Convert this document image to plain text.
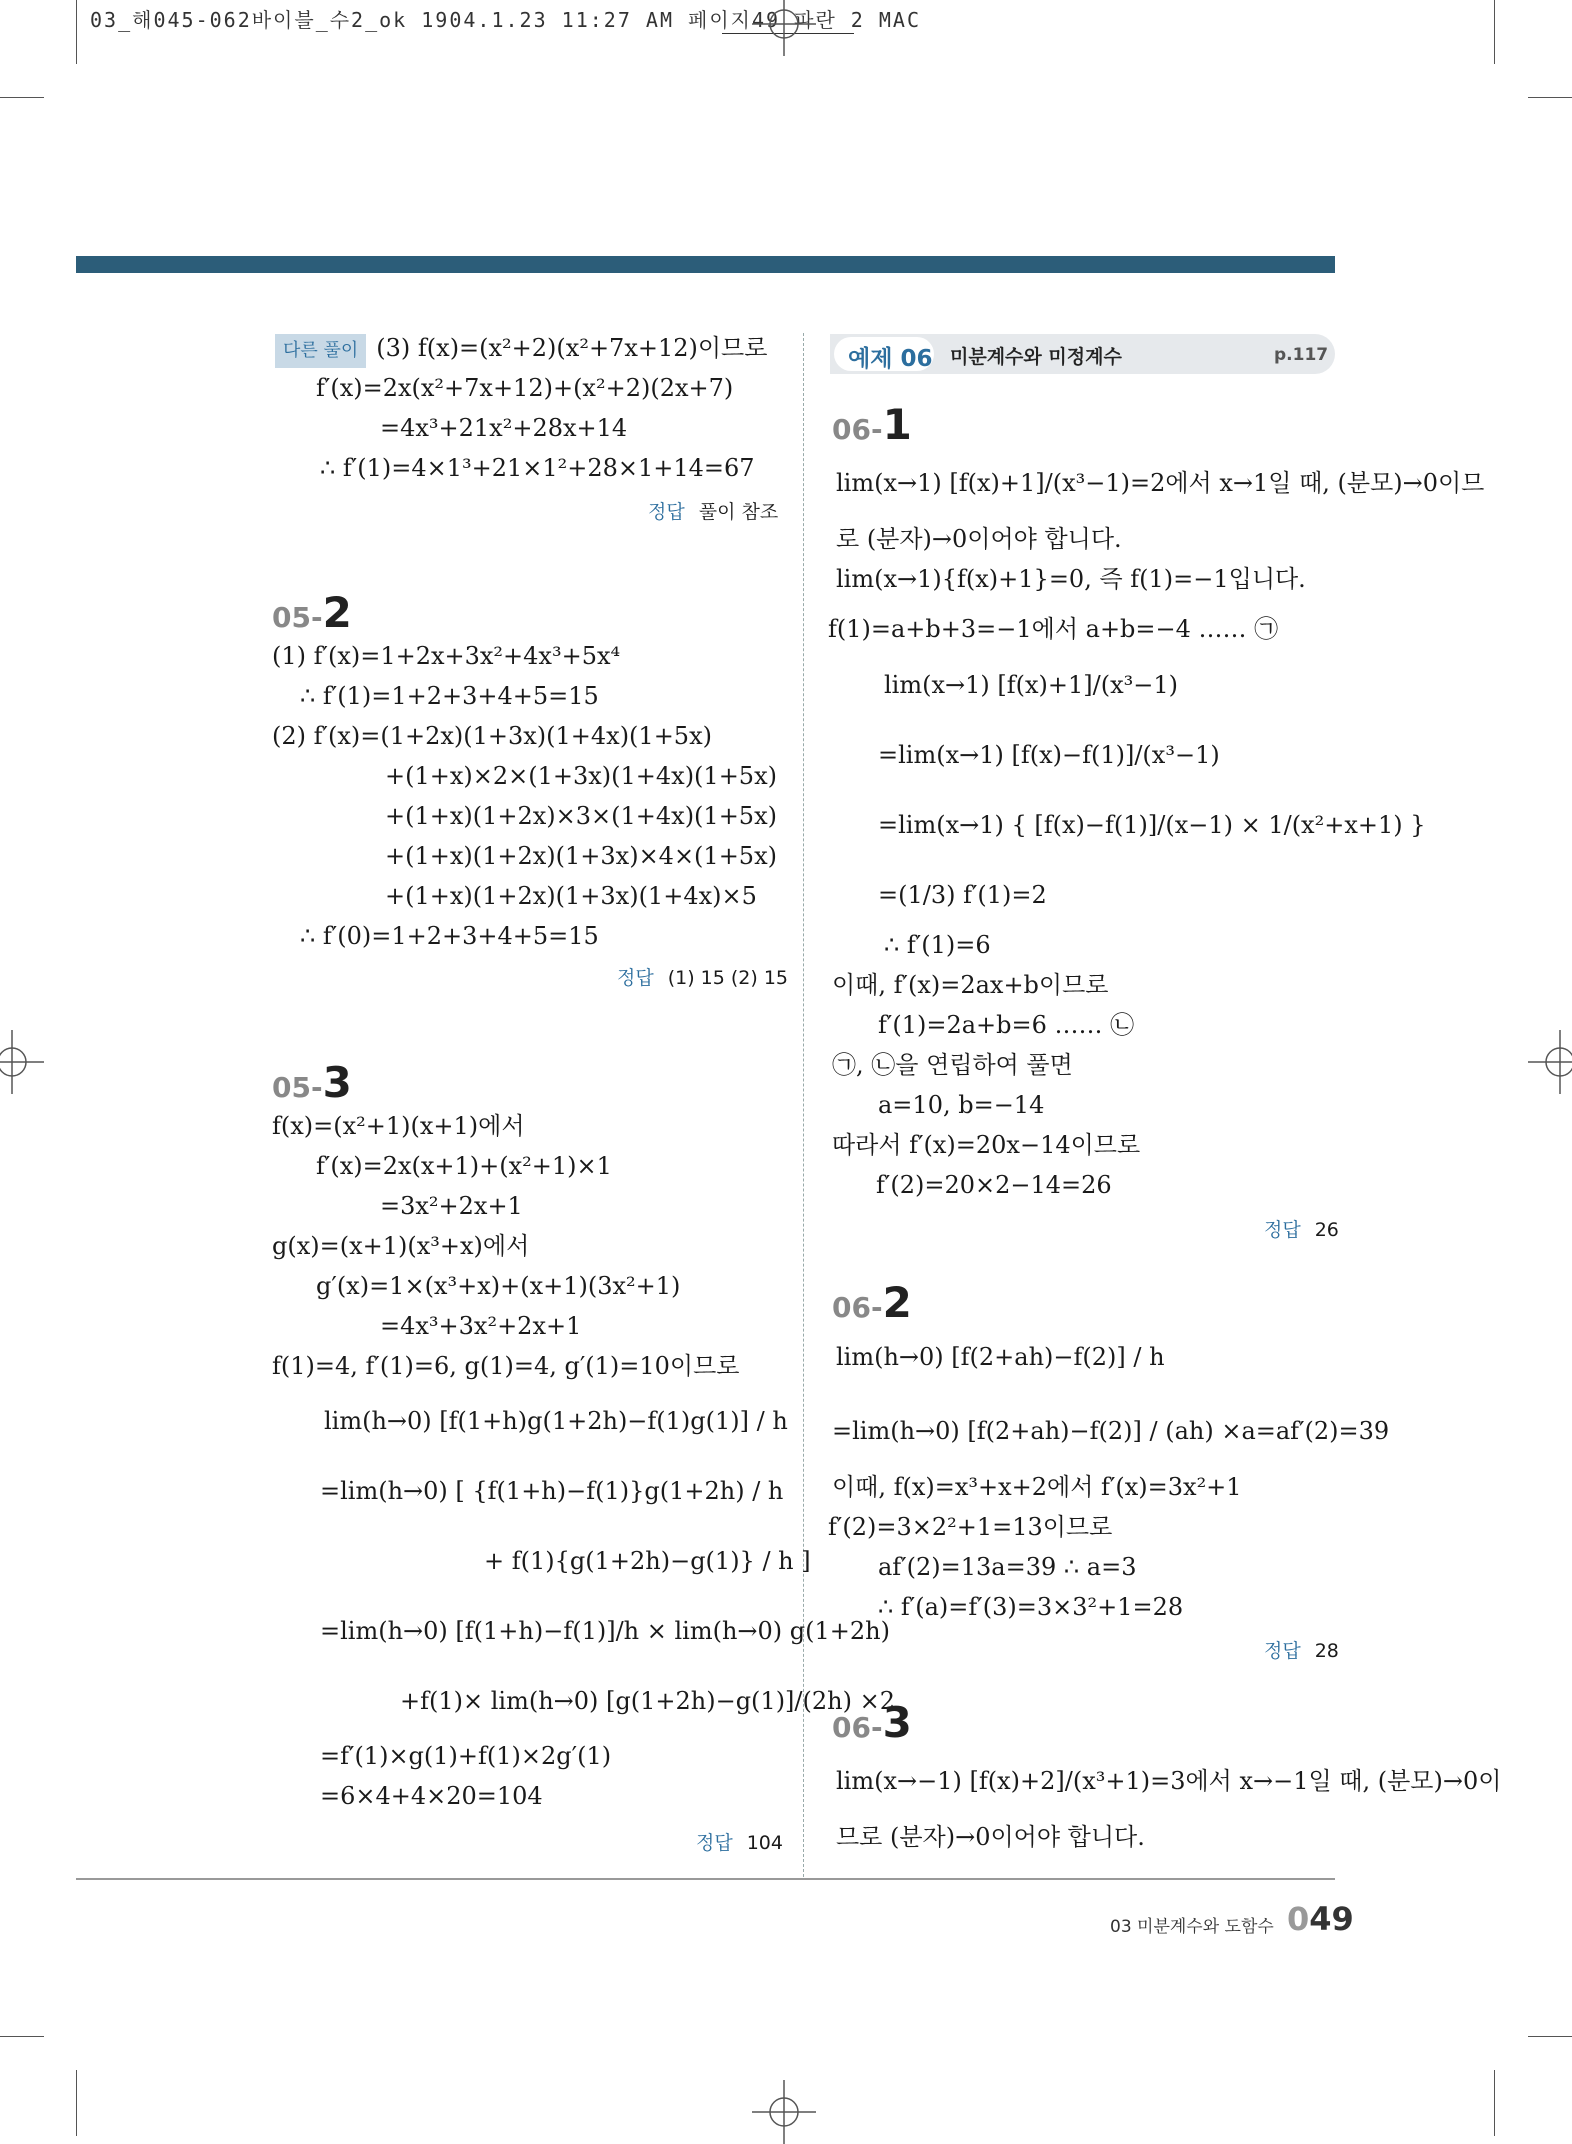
03_해045-062바이블_수2_ok 1904.1.23 11:27 AM 페이지49 파란 2 MAC
다른 풀이 (3) f(x)=(x²+2)(x²+7x+12)이므로
f′(x)=2x(x²+7x+12)+(x²+2)(2x+7)
=4x³+21x²+28x+14
∴ f′(1)=4×1³+21×1²+28×1+14=67
정답 풀이 참조
05-2
(1) f′(x)=1+2x+3x²+4x³+5x⁴
∴ f′(1)=1+2+3+4+5=15
(2) f′(x)=(1+2x)(1+3x)(1+4x)(1+5x)
+(1+x)×2×(1+3x)(1+4x)(1+5x)
+(1+x)(1+2x)×3×(1+4x)(1+5x)
+(1+x)(1+2x)(1+3x)×4×(1+5x)
+(1+x)(1+2x)(1+3x)(1+4x)×5
∴ f′(0)=1+2+3+4+5=15
정답 (1) 15 (2) 15
05-3
f(x)=(x²+1)(x+1)에서
f′(x)=2x(x+1)+(x²+1)×1
=3x²+2x+1
g(x)=(x+1)(x³+x)에서
g′(x)=1×(x³+x)+(x+1)(3x²+1)
=4x³+3x²+2x+1
f(1)=4, f′(1)=6, g(1)=4, g′(1)=10이므로
lim(h→0) [f(1+h)g(1+2h)−f(1)g(1)] / h
=lim(h→0) [ {f(1+h)−f(1)}g(1+2h) / h
+ f(1){g(1+2h)−g(1)} / h ]
=lim(h→0) [f(1+h)−f(1)]/h × lim(h→0) g(1+2h)
+f(1)× lim(h→0) [g(1+2h)−g(1)]/(2h) ×2
=f′(1)×g(1)+f(1)×2g′(1)
=6×4+4×20=104
정답 104
예제 06 미분계수와 미정계수	p.117
06-1
lim(x→1) [f(x)+1]/(x³−1)=2에서 x→1일 때, (분모)→0이므
로 (분자)→0이어야 합니다.
lim(x→1){f(x)+1}=0, 즉 f(1)=−1입니다.
f(1)=a+b+3=−1에서 a+b=−4 …… ㉠
lim(x→1) [f(x)+1]/(x³−1)
=lim(x→1) [f(x)−f(1)]/(x³−1)
=lim(x→1) { [f(x)−f(1)]/(x−1) × 1/(x²+x+1) }
=(1/3) f′(1)=2
∴ f′(1)=6
이때, f′(x)=2ax+b이므로
f′(1)=2a+b=6 …… ㉡
㉠, ㉡을 연립하여 풀면
a=10, b=−14
따라서 f′(x)=20x−14이므로
f′(2)=20×2−14=26
정답 26
06-2
lim(h→0) [f(2+ah)−f(2)] / h
=lim(h→0) [f(2+ah)−f(2)] / (ah) ×a=af′(2)=39
이때, f(x)=x³+x+2에서 f′(x)=3x²+1
f′(2)=3×2²+1=13이므로
af′(2)=13a=39 ∴ a=3
∴ f′(a)=f′(3)=3×3²+1=28
정답 28
06-3
lim(x→−1) [f(x)+2]/(x³+1)=3에서 x→−1일 때, (분모)→0이
므로 (분자)→0이어야 합니다.
03 미분계수와 도함수 049
